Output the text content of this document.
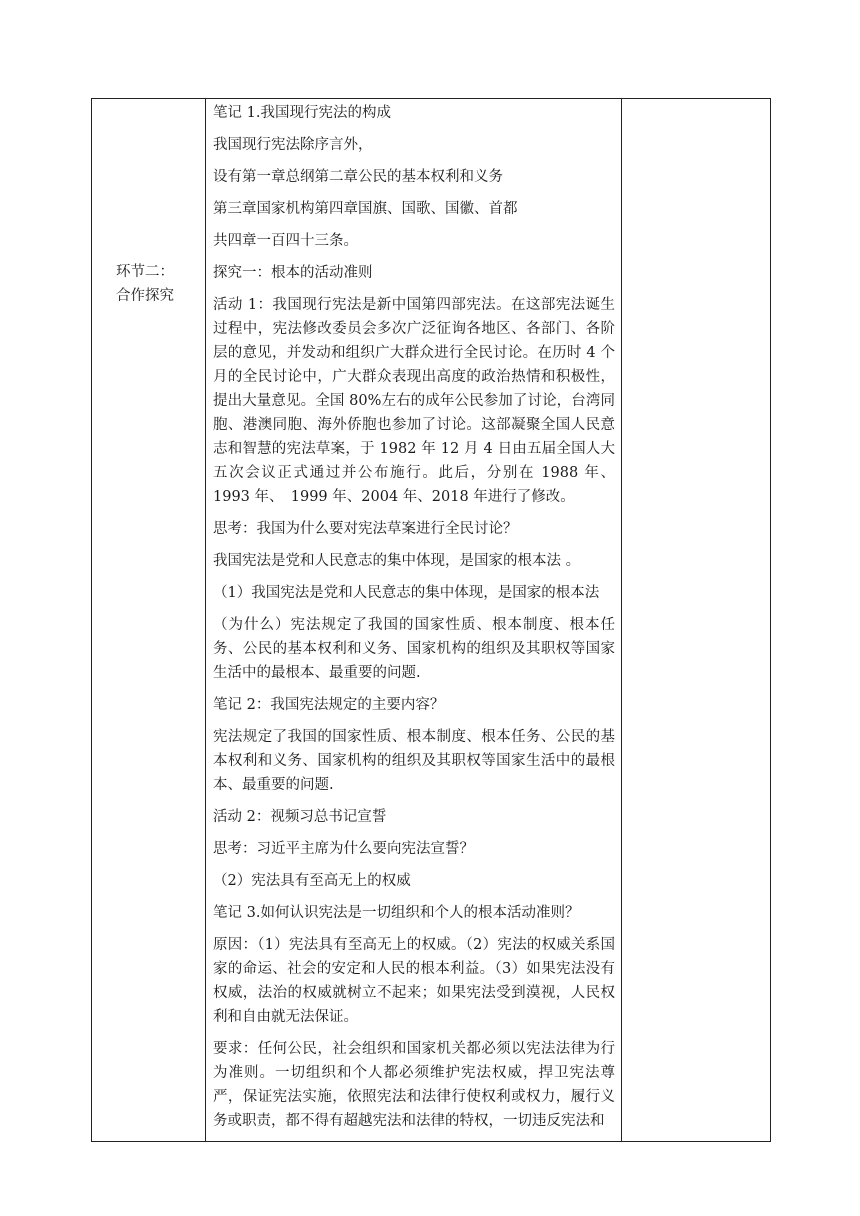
环节二：
合作探究

笔记 1.我国现行宪法的构成

我国现行宪法除序言外，

设有第一章总纲第二章公民的基本权利和义务

第三章国家机构第四章国旗、国歌、国徽、首都

共四章一百四十三条。

探究一：根本的活动准则

活动 1：我国现行宪法是新中国第四部宪法。在这部宪法诞生过程中，宪法修改委员会多次广泛征询各地区、各部门、各阶层的意见，并发动和组织广大群众进行全民讨论。在历时 4 个月的全民讨论中，广大群众表现出高度的政治热情和积极性，提出大量意见。全国 80%左右的成年公民参加了讨论，台湾同胞、港澳同胞、海外侨胞也参加了讨论。这部凝聚全国人民意志和智慧的宪法草案，于 1982 年 12 月 4 日由五届全国人大五次会议正式通过并公布施行。此后，分别在 1988 年、1993 年、　1999 年、2004 年、2018 年进行了修改。

思考：我国为什么要对宪法草案进行全民讨论？

我国宪法是党和人民意志的集中体现，是国家的根本法 。

（1）我国宪法是党和人民意志的集中体现，是国家的根本法

（为什么）宪法规定了我国的国家性质、根本制度、根本任务、公民的基本权利和义务、国家机构的组织及其职权等国家生活中的最根本、最重要的问题.

笔记 2：我国宪法规定的主要内容？

宪法规定了我国的国家性质、根本制度、根本任务、公民的基本权利和义务、国家机构的组织及其职权等国家生活中的最根本、最重要的问题.

活动 2：视频习总书记宣誓

思考：习近平主席为什么要向宪法宣誓？

（2）宪法具有至高无上的权威

笔记 3.如何认识宪法是一切组织和个人的根本活动准则？

原因：（1）宪法具有至高无上的权威。（2）宪法的权威关系国家的命运、社会的安定和人民的根本利益。（3）如果宪法没有权威，法治的权威就树立不起来；如果宪法受到漠视，人民权利和自由就无法保证。

要求：任何公民，社会组织和国家机关都必须以宪法法律为行为准则。一切组织和个人都必须维护宪法权威，捍卫宪法尊严，保证宪法实施，依照宪法和法律行使权利或权力，履行义务或职责，都不得有超越宪法和法律的特权，一切违反宪法和
